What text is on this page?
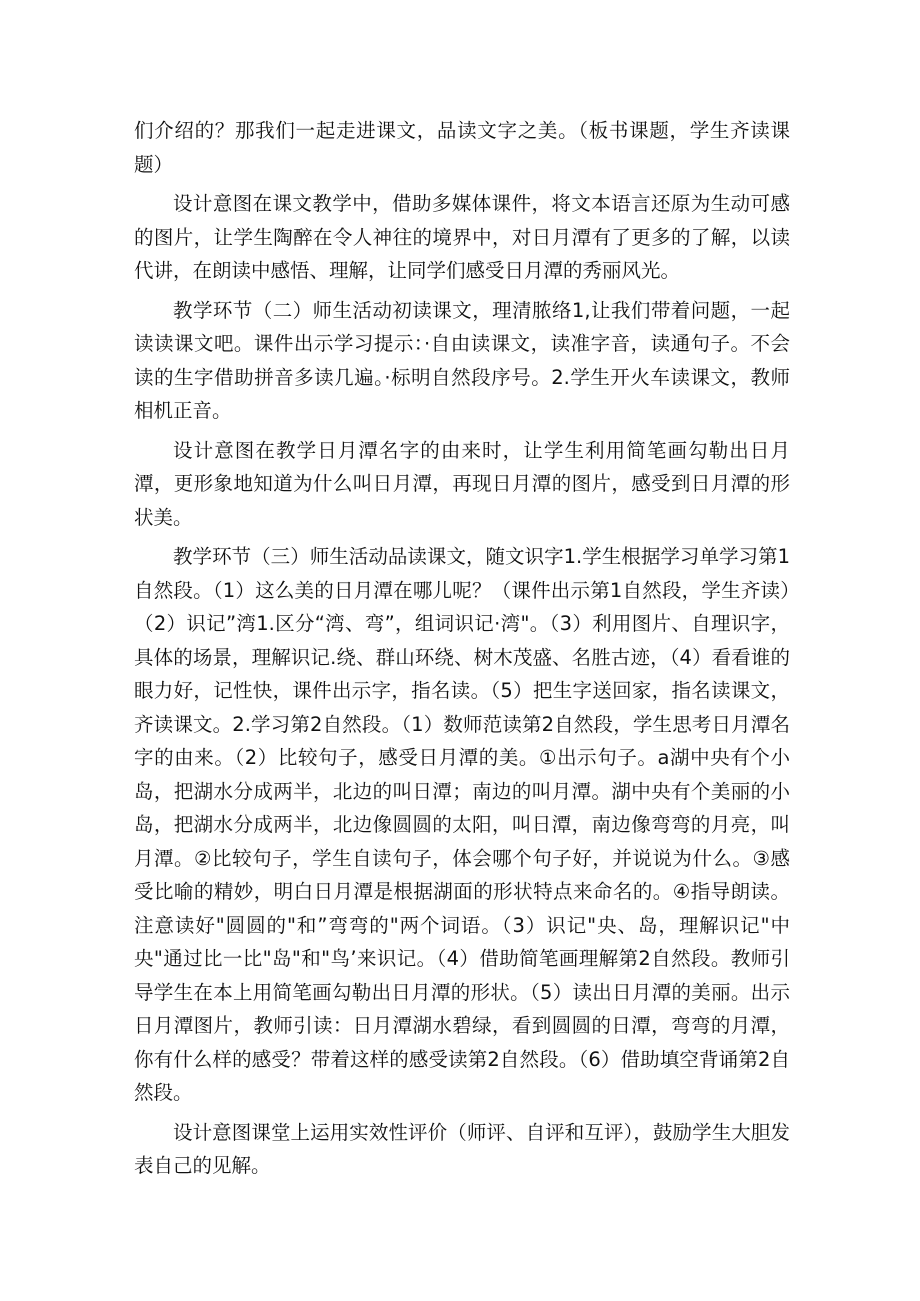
们介绍的？那我们一起走进课文，品读文字之美。（板书课题，学生齐读课题）

设计意图在课文教学中，借助多媒体课件，将文本语言还原为生动可感的图片，让学生陶醉在令人神往的境界中，对日月潭有了更多的了解，以读代讲，在朗读中感悟、理解，让同学们感受日月潭的秀丽风光。

教学环节（二）师生活动初读课文，理清脓络1,让我们带着问题，一起读读课文吧。课件出示学习提示：·自由读课文，读准字音，读通句子。不会读的生字借助拼音多读几遍。·标明自然段序号。2.学生开火车读课文，教师相机正音。

设计意图在教学日月潭名字的由来时，让学生利用简笔画勾勒出日月潭，更形象地知道为什么叫日月潭，再现日月潭的图片，感受到日月潭的形状美。

教学环节（三）师生活动品读课文，随文识字1.学生根据学习单学习第1自然段。（1）这么美的日月潭在哪儿呢？（课件出示第1自然段，学生齐读）（2）识记”湾1.区分“湾、弯”，组词识记·湾"。（3）利用图片、自理识字，具体的场景，理解识记.绕、群山环绕、树木茂盛、名胜古迹，（4）看看谁的眼力好，记性快，课件出示字，指名读。（5）把生字送回家，指名读课文，齐读课文。2.学习第2自然段。（1）数师范读第2自然段，学生思考日月潭名字的由来。（2）比较句子，感受日月潭的美。①出示句子。a湖中央有个小岛，把湖水分成两半，北边的叫日潭；南边的叫月潭。湖中央有个美丽的小岛，把湖水分成两半，北边像圆圆的太阳，叫日潭，南边像弯弯的月亮，叫月潭。②比较句子，学生自读句子，体会哪个句子好，并说说为什么。③感受比喻的精妙，明白日月潭是根据湖面的形状特点来命名的。④指导朗读。注意读好"圆圆的"和”弯弯的"两个词语。（3）识记"央、岛，理解识记"中央"通过比一比"岛"和"鸟’来识记。（4）借助简笔画理解第2自然段。教师引导学生在本上用简笔画勾勒出日月潭的形状。（5）读出日月潭的美丽。出示日月潭图片，教师引读：日月潭湖水碧绿，看到圆圆的日潭，弯弯的月潭，你有什么样的感受？带着这样的感受读第2自然段。（6）借助填空背诵第2自然段。

设计意图课堂上运用实效性评价（师评、自评和互评），鼓励学生大胆发表自己的见解。
